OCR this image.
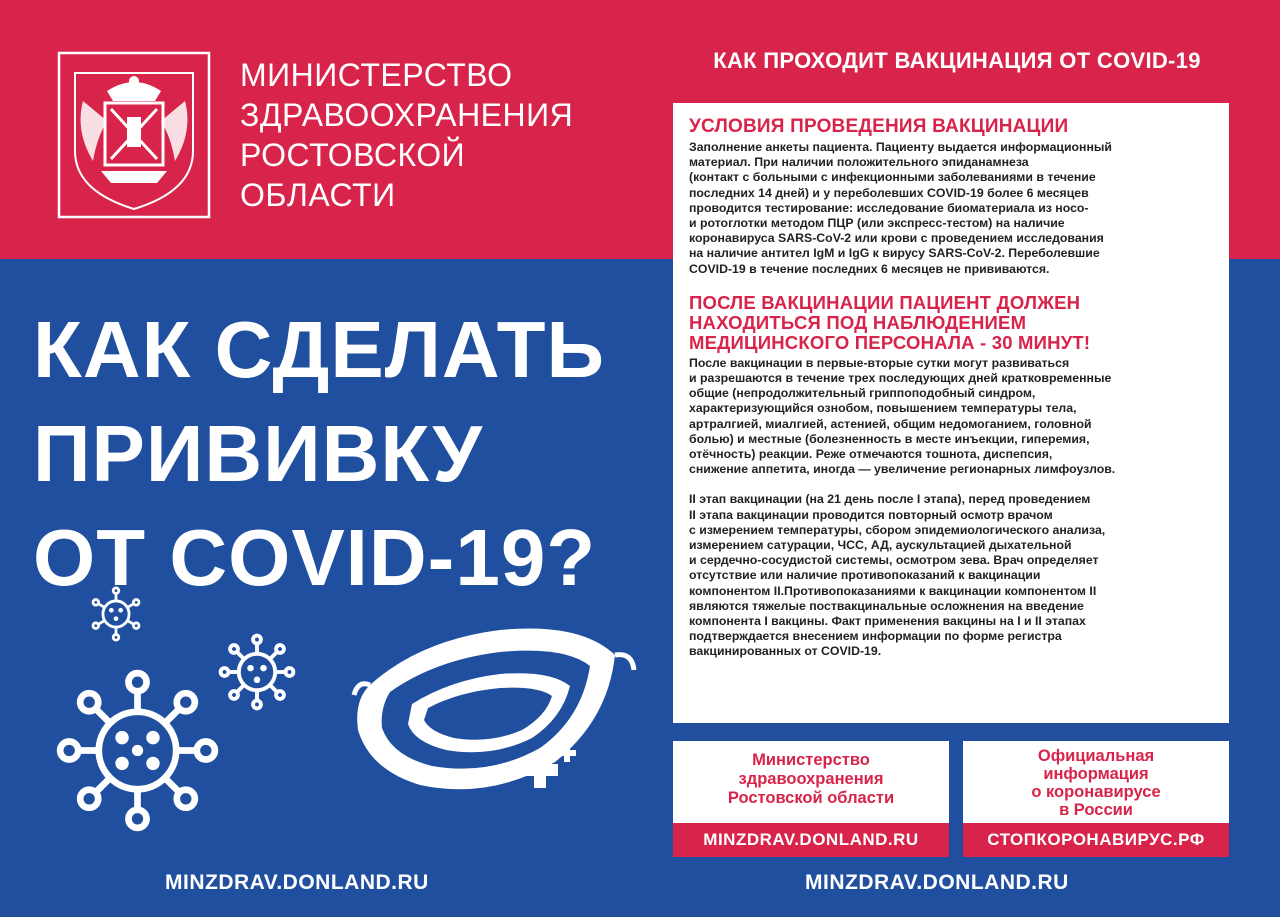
МИНИСТЕРСТВО
ЗДРАВООХРАНЕНИЯ
РОСТОВСКОЙ
ОБЛАСТИ
КАК СДЕЛАТЬ
ПРИВИВКУ
ОТ COVID-19?
КАК ПРОХОДИТ ВАКЦИНАЦИЯ ОТ COVID-19
УСЛОВИЯ ПРОВЕДЕНИЯ ВАКЦИНАЦИИ
Заполнение анкеты пациента. Пациенту выдается информационный
материал. При наличии положительного эпиданамнеза
(контакт с больными с инфекционными заболеваниями в течение
последних 14 дней) и у переболевших COVID-19 более 6 месяцев
проводится тестирование: исследование биоматериала из носо-
и ротоглотки методом ПЦР (или экспресс-тестом) на наличие
коронавируса SARS-CoV-2 или крови с проведением исследования
на наличие антител IgM и IgG к вирусу SARS-CoV-2. Переболевшие
COVID-19 в течение последних 6 месяцев не прививаются.
ПОСЛЕ ВАКЦИНАЦИИ ПАЦИЕНТ ДОЛЖЕН
НАХОДИТЬСЯ ПОД НАБЛЮДЕНИЕМ
МЕДИЦИНСКОГО ПЕРСОНАЛА - 30 МИНУТ!
После вакцинации в первые-вторые сутки могут развиваться
и разрешаются в течение трех последующих дней кратковременные
общие (непродолжительный гриппоподобный синдром,
характеризующийся ознобом, повышением температуры тела,
артралгией, миалгией, астенией, общим недомоганием, головной
болью) и местные (болезненность в месте инъекции, гиперемия,
отёчность) реакции. Реже отмечаются тошнота, диспепсия,
снижение аппетита, иногда — увеличение регионарных лимфоузлов.
II этап вакцинации (на 21 день после I этапа), перед проведением
II этапа вакцинации проводится повторный осмотр врачом
с измерением температуры, сбором эпидемиологического анализа,
измерением сатурации, ЧСС, АД, аускультацией дыхательной
и сердечно-сосудистой системы, осмотром зева. Врач определяет
отсутствие или наличие противопоказаний к вакцинации
компонентом II.Противопоказаниями к вакцинации компонентом II
являются тяжелые поствакцинальные осложнения на введение
компонента I вакцины. Факт применения вакцины на I и II этапах
подтверждается внесением информации по форме регистра
вакцинированных от COVID-19.
Министерство
здравоохранения
Ростовской области
MINZDRAV.DONLAND.RU
Официальная
информация
о коронавирусе
в России
СТОПКОРОНАВИРУС.РФ
MINZDRAV.DONLAND.RU	MINZDRAV.DONLAND.RU
